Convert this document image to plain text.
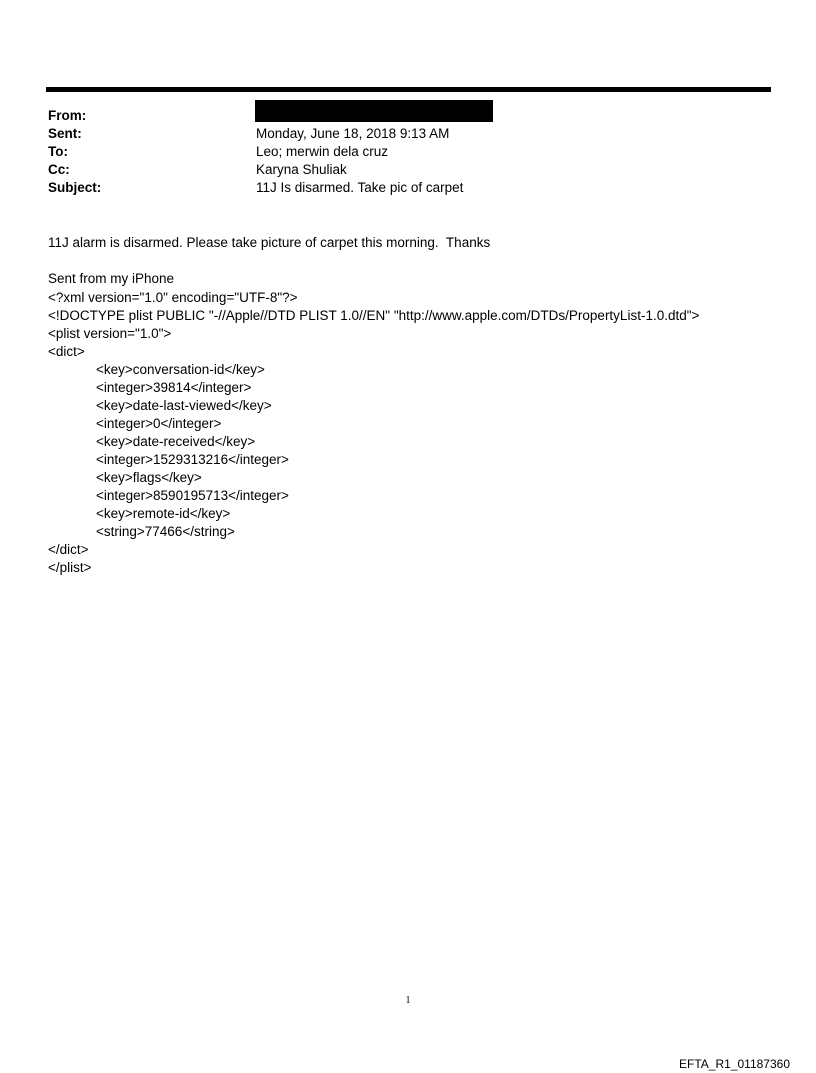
From:
Sent:	Monday, June 18, 2018 9:13 AM
To:	Leo; merwin dela cruz
Cc:	Karyna Shuliak
Subject:	11J Is disarmed. Take pic of carpet
11J alarm is disarmed. Please take picture of carpet this morning.  Thanks
Sent from my iPhone
<?xml version="1.0" encoding="UTF-8"?>
<!DOCTYPE plist PUBLIC "-//Apple//DTD PLIST 1.0//EN" "http://www.apple.com/DTDs/PropertyList-1.0.dtd">
<plist version="1.0">
<dict>
<key>conversation-id</key>
<integer>39814</integer>
<key>date-last-viewed</key>
<integer>0</integer>
<key>date-received</key>
<integer>1529313216</integer>
<key>flags</key>
<integer>8590195713</integer>
<key>remote-id</key>
<string>77466</string>
</dict>
</plist>
1
EFTA_R1_01187360
